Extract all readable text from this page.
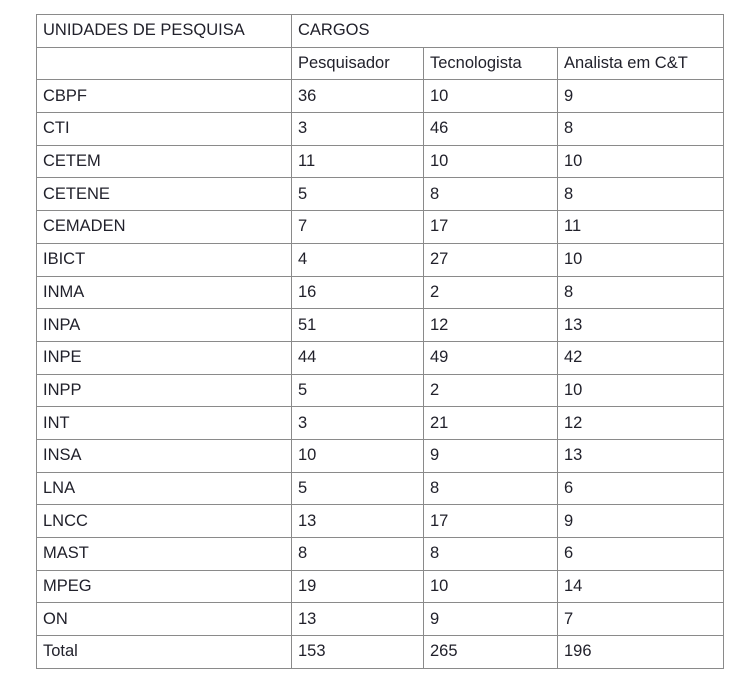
UNIDADES DE PESQUISA	CARGOS		
	Pesquisador	Tecnologista	Analista em C&T
CBPF	36	10	9
CTI	3	46	8
CETEM	11	10	10
CETENE	5	8	8
CEMADEN	7	17	11
IBICT	4	27	10
INMA	16	2	8
INPA	51	12	13
INPE	44	49	42
INPP	5	2	10
INT	3	21	12
INSA	10	9	13
LNA	5	8	6
LNCC	13	17	9
MAST	8	8	6
MPEG	19	10	14
ON	13	9	7
Total	153	265	196
